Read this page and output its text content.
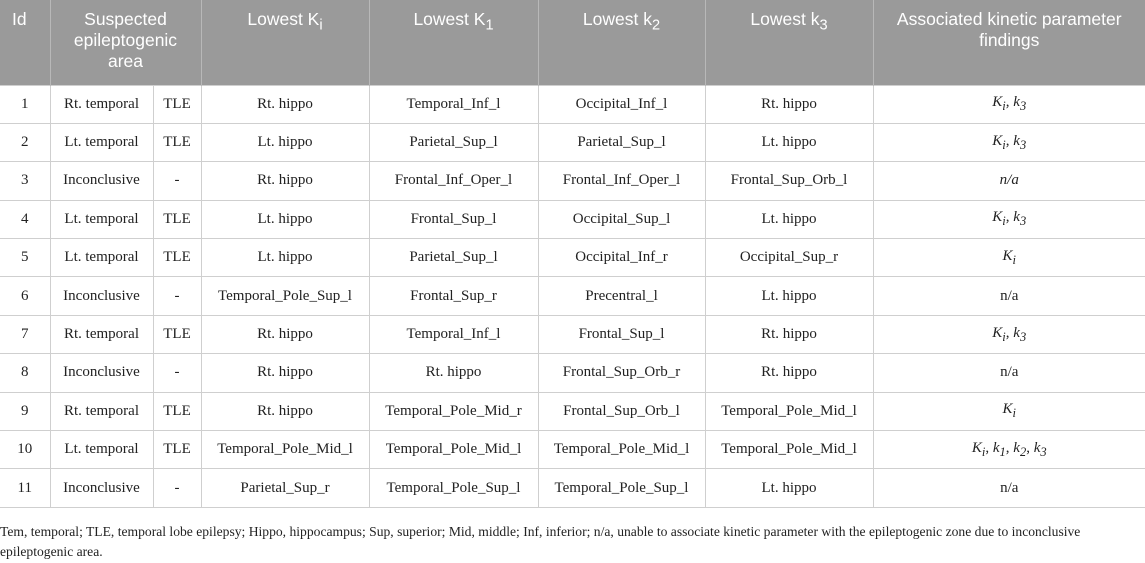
Id	Suspected epileptogenic area		Lowest $K_i$	Lowest $K_1$	Lowest $k_2$	Lowest $k_3$	Associated kinetic parameter findings
1	Rt. temporal	TLE	Rt. hippo	Temporal_Inf_l	Occipital_Inf_l	Rt. hippo	$K_i$, $k_3$
2	Lt. temporal	TLE	Lt. hippo	Parietal_Sup_l	Parietal_Sup_l	Lt. hippo	$K_i$, $k_3$
3	Inconclusive	-	Rt. hippo	Frontal_Inf_Oper_l	Frontal_Inf_Oper_l	Frontal_Sup_Orb_l	n/a
4	Lt. temporal	TLE	Lt. hippo	Frontal_Sup_l	Occipital_Sup_l	Lt. hippo	$K_i$, $k_3$
5	Lt. temporal	TLE	Lt. hippo	Parietal_Sup_l	Occipital_Inf_r	Occipital_Sup_r	$K_i$
6	Inconclusive	-	Temporal_Pole_Sup_l	Frontal_Sup_r	Precentral_l	Lt. hippo	n/a
7	Rt. temporal	TLE	Rt. hippo	Temporal_Inf_l	Frontal_Sup_l	Rt. hippo	$K_i$, $k_3$
8	Inconclusive	-	Rt. hippo	Rt. hippo	Frontal_Sup_Orb_r	Rt. hippo	n/a
9	Rt. temporal	TLE	Rt. hippo	Temporal_Pole_Mid_r	Frontal_Sup_Orb_l	Temporal_Pole_Mid_l	$K_i$
10	Lt. temporal	TLE	Temporal_Pole_Mid_l	Temporal_Pole_Mid_l	Temporal_Pole_Mid_l	Temporal_Pole_Mid_l	$K_i$, $k_1$, $k_2$, $k_3$
11	Inconclusive	-	Parietal_Sup_r	Temporal_Pole_Sup_l	Temporal_Pole_Sup_l	Lt. hippo	n/a
Tem, temporal; TLE, temporal lobe epilepsy; Hippo, hippocampus; Sup, superior; Mid, middle; Inf, inferior; n/a, unable to associate kinetic parameter with the epileptogenic zone due to inconclusive epileptogenic area.
